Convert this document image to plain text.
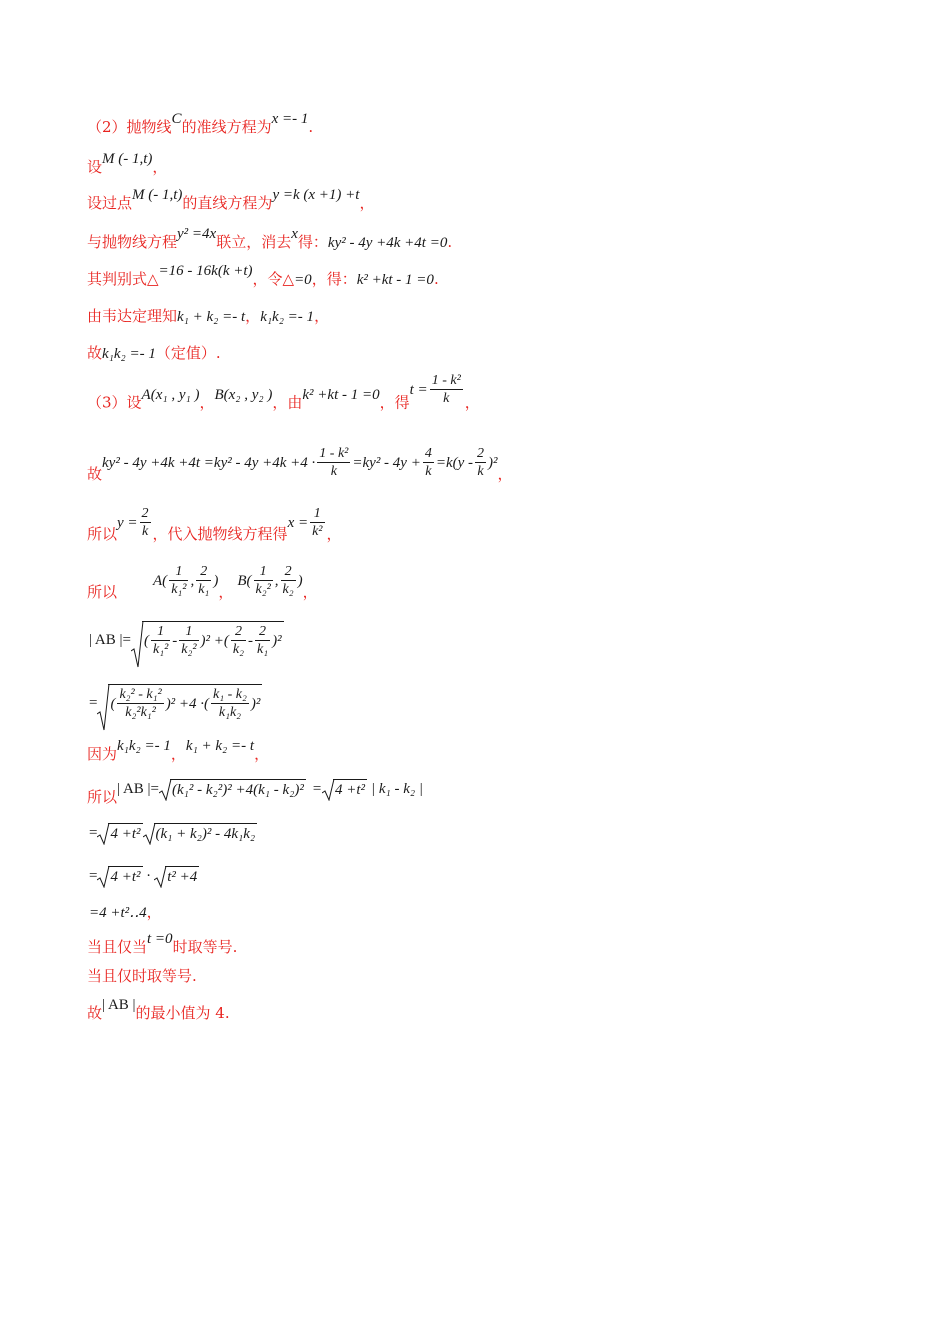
（2）抛物线C的准线方程为x =- 1.
设M (- 1,t)，
设过点M (- 1,t)的直线方程为y =k (x +1) +t，
与抛物线方程y² =4x联立，消去x得：ky² - 4y +4k +4t =0.
其判别式△=16 - 16k(k +t)，令△=0，得：k² +kt - 1 =0.
由韦达定理知k₁ + k₂ =- t，k₁k₂ =- 1，
故k₁k₂ =- 1（定值）.
（3）设A(x₁ , y₁ )，B(x₂ , y₂ )，由k² +kt - 1 =0，得$t = \frac{\text{1 - k²}}{k}$ ，
故$ky^2 - 4y +4k +4t =ky^2 - 4y +4k +4 \cdot \frac{\text{1 - k²}}{k} =ky^2 - 4y + \frac{4}{k} =k(y - \frac{2}{k} )^2$，
所以$y = \frac{2}{k}$ ，代入抛物线方程得$x = \frac{1}{\text{k²}}$ ，
所以$A( \frac{1}{\text{k₁²}}$ , $\frac{2}{\text{k₁}}$ )，$B( \frac{1}{\text{k₂²}}$ , $\frac{2}{\text{k₂}}$ )，
| AB |= ( $\frac{1}{\text{k₁²}} - \frac{1}{\text{k₂²}} )^2$ +( $\frac{2}{\text{k₂}} - \frac{2}{\text{k₁}} )^2$
= ( $\frac{\text{k₂² - k₁²}}{\text{k₂²k₁²}} )^2 +4$ ·( $\frac{\text{k₁ - k₂}}{\text{k₁k₂}} )^2$
因为k₁k₂ =- 1，k₁ + k₂ =- t，
所以| AB |= (k₁² - k₂²)² +4(k₁ - k₂)² = 4 +t² | k₁ - k₂ |
= 4 +t² (k₁ + k₂)² - 4k₁k₂
= 4 +t² · t² +4
=4 +t²‥4，
当且仅当t =0时取等号.
当且仅时取等号.
故| AB |的最小值为 4.
